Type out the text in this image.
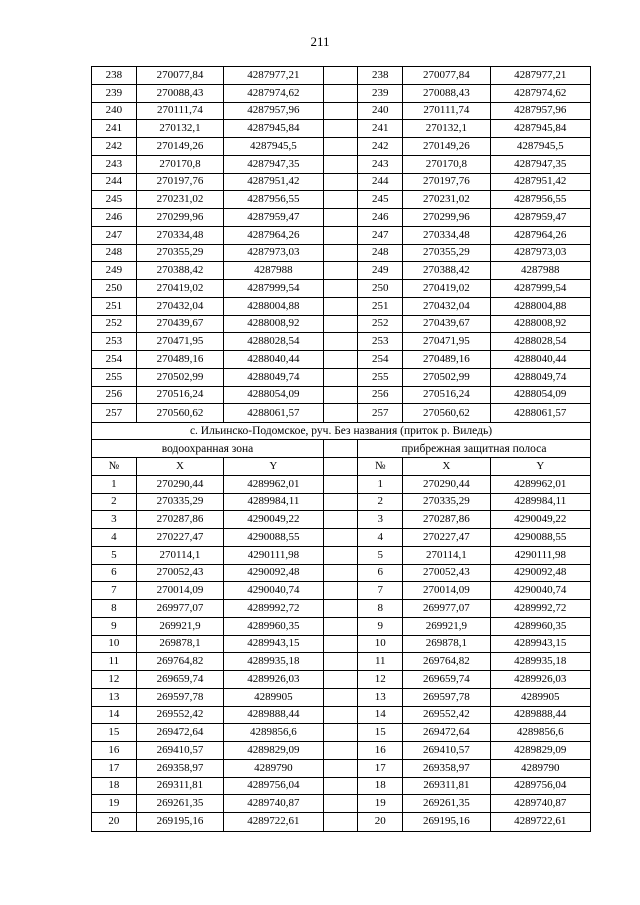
211
238	270077,84	4287977,21	238	270077,84	4287977,21
239	270088,43	4287974,62	239	270088,43	4287974,62
240	270111,74	4287957,96	240	270111,74	4287957,96
241	270132,1	4287945,84	241	270132,1	4287945,84
242	270149,26	4287945,5	242	270149,26	4287945,5
243	270170,8	4287947,35	243	270170,8	4287947,35
244	270197,76	4287951,42	244	270197,76	4287951,42
245	270231,02	4287956,55	245	270231,02	4287956,55
246	270299,96	4287959,47	246	270299,96	4287959,47
247	270334,48	4287964,26	247	270334,48	4287964,26
248	270355,29	4287973,03	248	270355,29	4287973,03
249	270388,42	4287988	249	270388,42	4287988
250	270419,02	4287999,54	250	270419,02	4287999,54
251	270432,04	4288004,88	251	270432,04	4288004,88
252	270439,67	4288008,92	252	270439,67	4288008,92
253	270471,95	4288028,54	253	270471,95	4288028,54
254	270489,16	4288040,44	254	270489,16	4288040,44
255	270502,99	4288049,74	255	270502,99	4288049,74
256	270516,24	4288054,09	256	270516,24	4288054,09
257	270560,62	4288061,57	257	270560,62	4288061,57
с. Ильинско-Подомское, руч. Без названия (приток р. Виледь)
водоохранная зона	прибрежная защитная полоса
№	X	Y	№	X	Y
1	270290,44	4289962,01	1	270290,44	4289962,01
2	270335,29	4289984,11	2	270335,29	4289984,11
3	270287,86	4290049,22	3	270287,86	4290049,22
4	270227,47	4290088,55	4	270227,47	4290088,55
5	270114,1	4290111,98	5	270114,1	4290111,98
6	270052,43	4290092,48	6	270052,43	4290092,48
7	270014,09	4290040,74	7	270014,09	4290040,74
8	269977,07	4289992,72	8	269977,07	4289992,72
9	269921,9	4289960,35	9	269921,9	4289960,35
10	269878,1	4289943,15	10	269878,1	4289943,15
11	269764,82	4289935,18	11	269764,82	4289935,18
12	269659,74	4289926,03	12	269659,74	4289926,03
13	269597,78	4289905	13	269597,78	4289905
14	269552,42	4289888,44	14	269552,42	4289888,44
15	269472,64	4289856,6	15	269472,64	4289856,6
16	269410,57	4289829,09	16	269410,57	4289829,09
17	269358,97	4289790	17	269358,97	4289790
18	269311,81	4289756,04	18	269311,81	4289756,04
19	269261,35	4289740,87	19	269261,35	4289740,87
20	269195,16	4289722,61	20	269195,16	4289722,61
